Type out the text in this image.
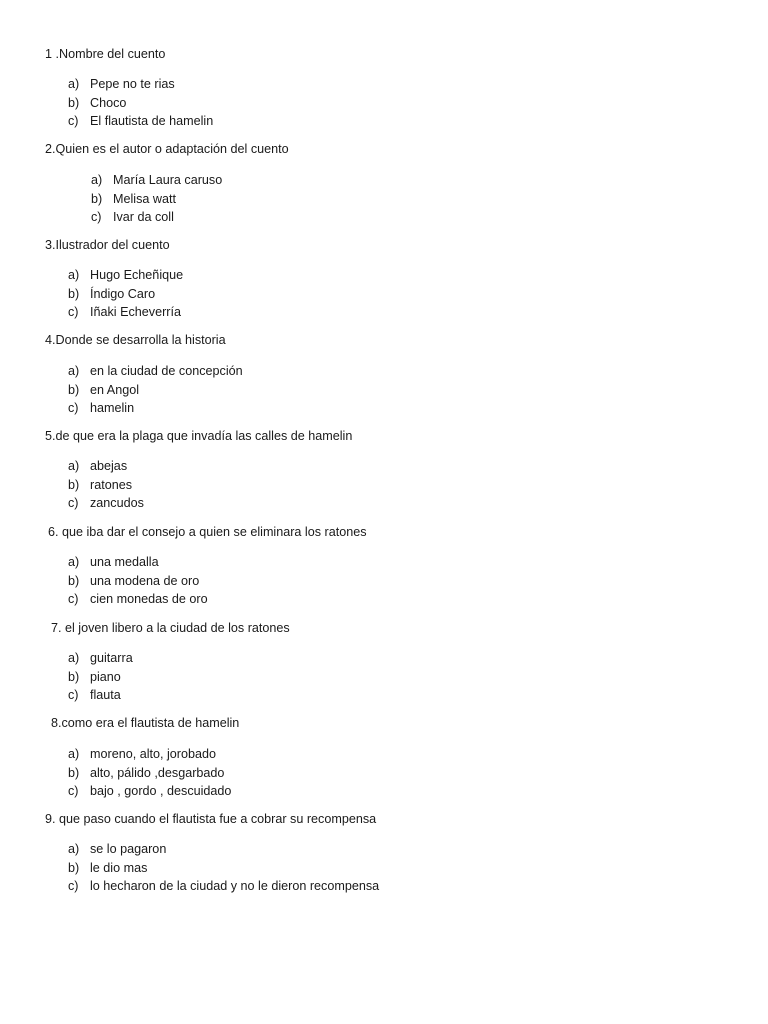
1 .Nombre del cuento
a) Pepe no te rias
b) Choco
c) El flautista de hamelin
2.Quien es el autor o adaptación del cuento
a) María Laura caruso
b) Melisa watt
c) Ivar da coll
3.Ilustrador del cuento
a) Hugo Echeñique
b) Índigo Caro
c) Iñaki Echeverría
4.Donde se desarrolla la historia
a) en la ciudad de concepción
b) en Angol
c) hamelin
5.de que era la plaga que invadía las calles de hamelin
a) abejas
b) ratones
c) zancudos
6. que iba dar el consejo a quien se eliminara los ratones
a) una medalla
b) una modena de oro
c) cien monedas de oro
7. el joven libero a la ciudad de los ratones
a) guitarra
b) piano
c) flauta
8.como era el flautista de hamelin
a) moreno, alto, jorobado
b) alto, pálido ,desgarbado
c) bajo , gordo , descuidado
9. que paso cuando el flautista fue a cobrar su recompensa
a) se lo pagaron
b) le dio mas
c) lo hecharon de la ciudad y no le dieron recompensa
